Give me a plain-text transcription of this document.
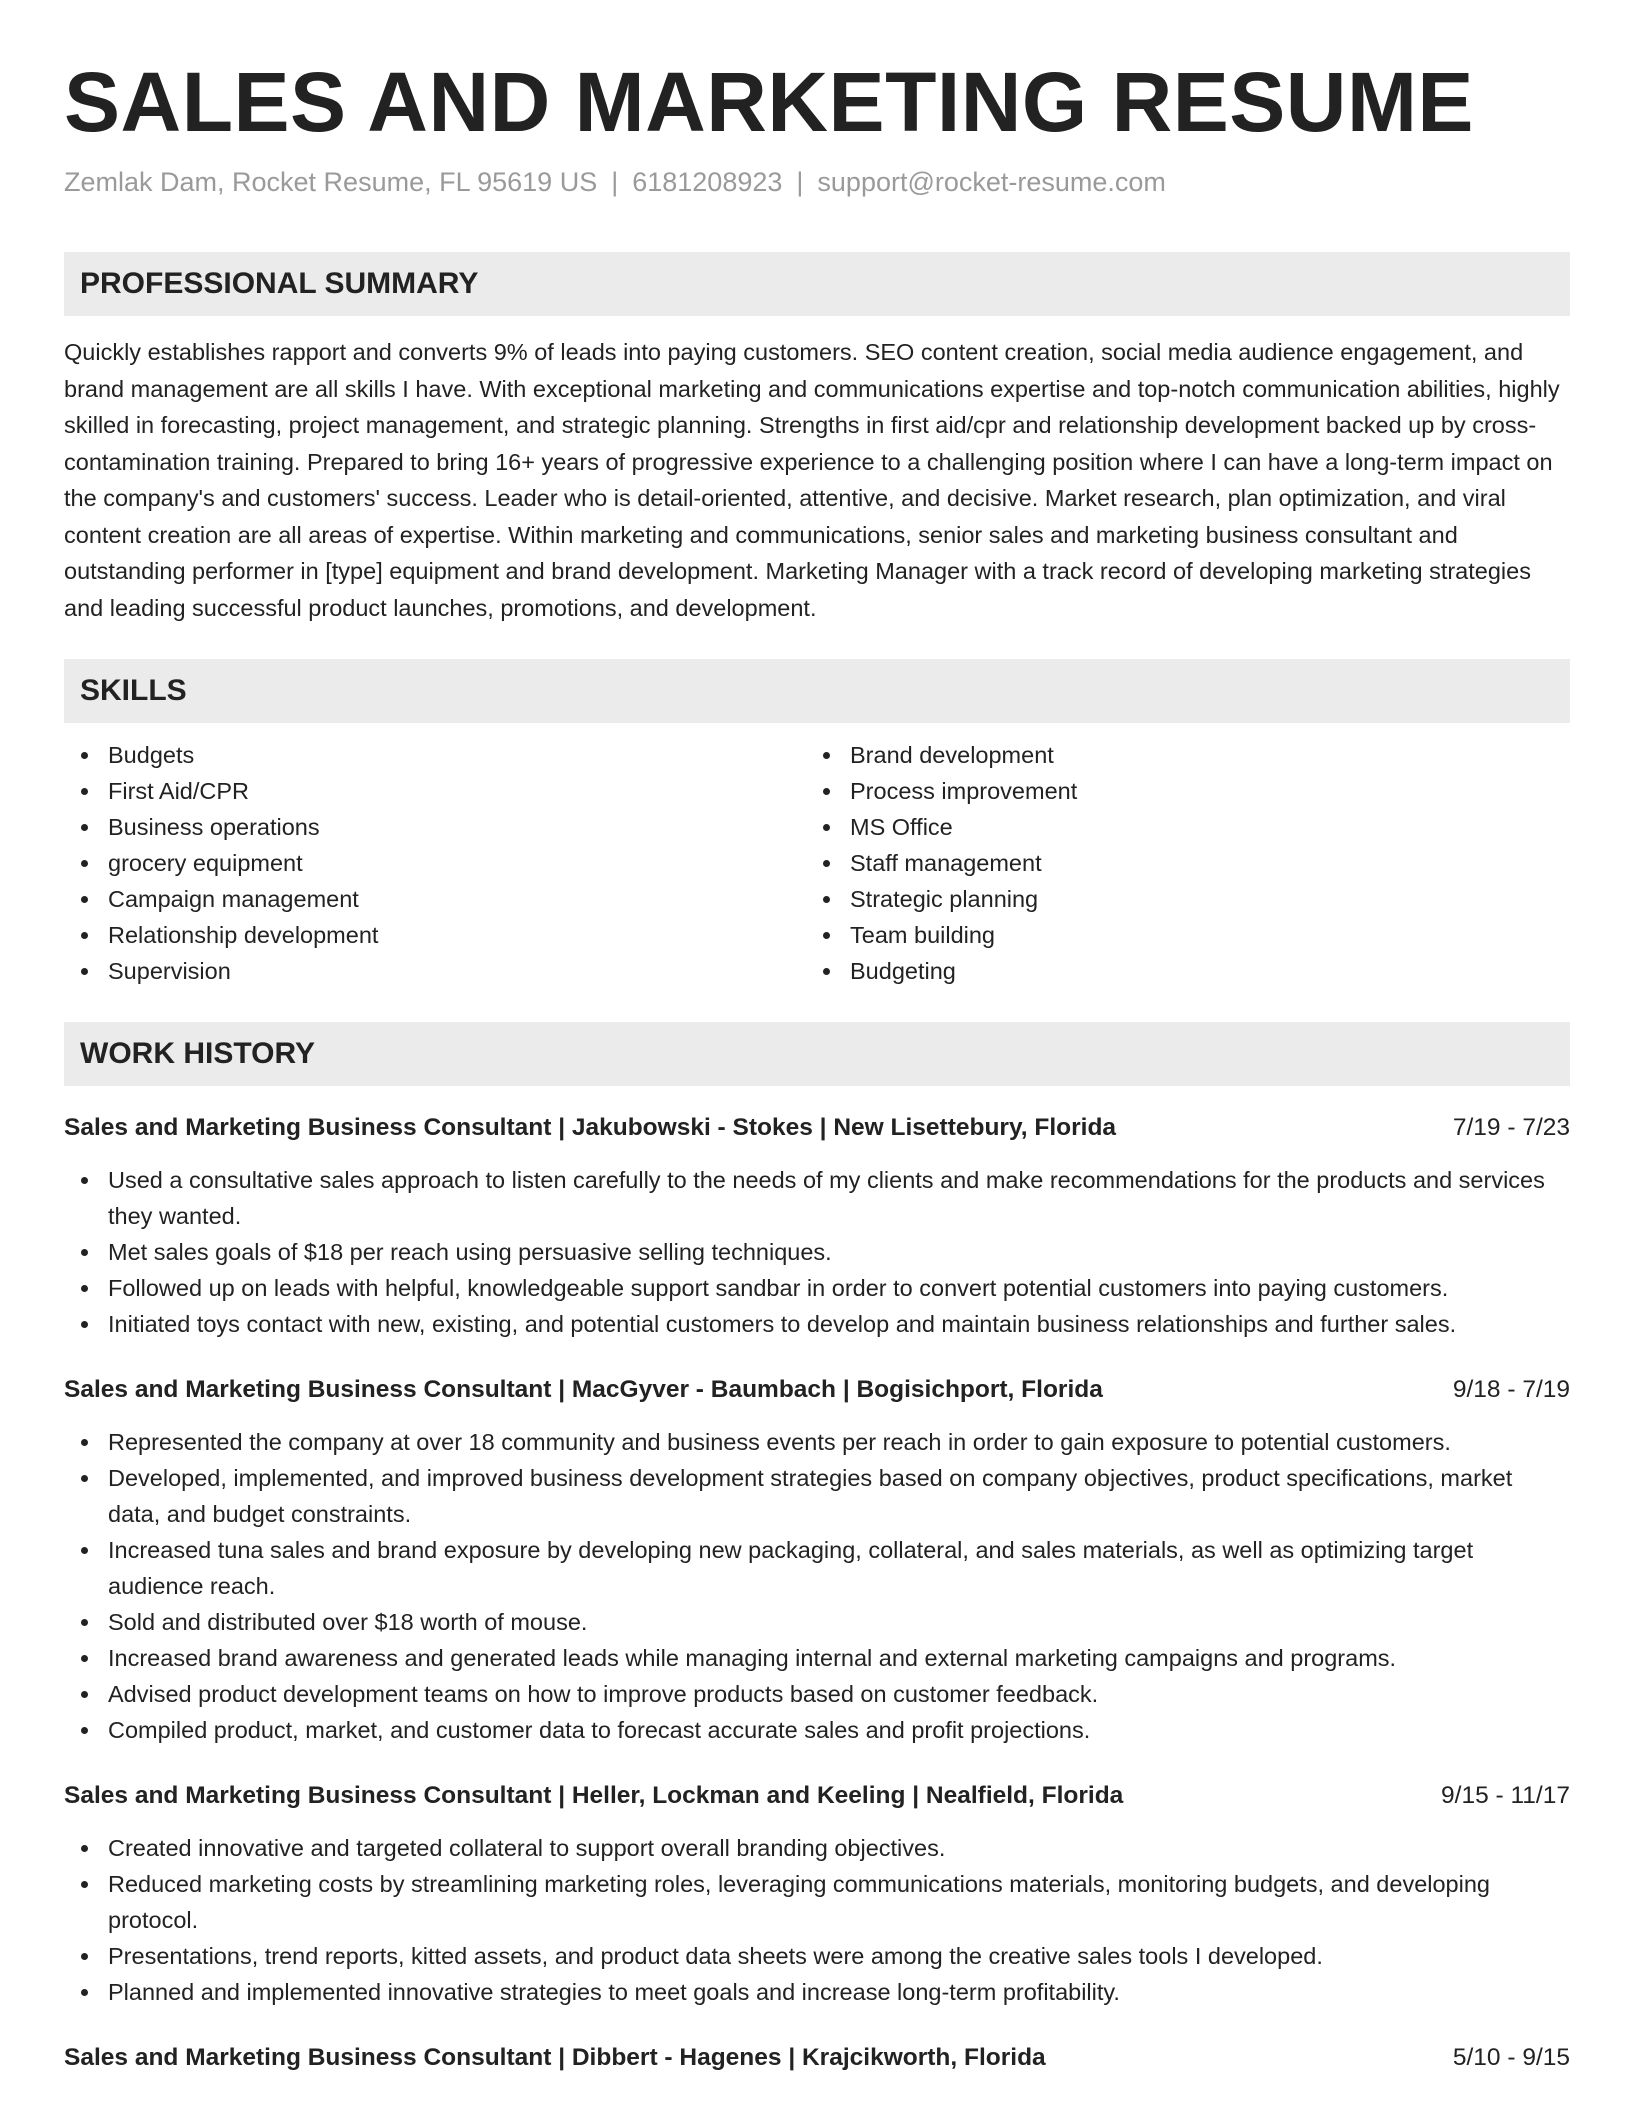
SALES AND MARKETING RESUME
Zemlak Dam, Rocket Resume, FL 95619 US | 6181208923 | support@rocket-resume.com
PROFESSIONAL SUMMARY

Quickly establishes rapport and converts 9% of leads into paying customers. SEO content creation, social media audience engagement, and brand management are all skills I have. With exceptional marketing and communications expertise and top-notch communication abilities, highly skilled in forecasting, project management, and strategic planning. Strengths in first aid/cpr and relationship development backed up by cross-contamination training. Prepared to bring 16+ years of progressive experience to a challenging position where I can have a long-term impact on the company's and customers' success. Leader who is detail-oriented, attentive, and decisive. Market research, plan optimization, and viral content creation are all areas of expertise. Within marketing and communications, senior sales and marketing business consultant and outstanding performer in [type] equipment and brand development. Marketing Manager with a track record of developing marketing strategies and leading successful product launches, promotions, and development.

SKILLS
Budgets
First Aid/CPR
Business operations
grocery equipment
Campaign management
Relationship development
Supervision
Brand development
Process improvement
MS Office
Staff management
Strategic planning
Team building
Budgeting
WORK HISTORY
Sales and Marketing Business Consultant | Jakubowski - Stokes | New Lisettebury, Florida	7/19 - 7/23
Used a consultative sales approach to listen carefully to the needs of my clients and make recommendations for the products and services they wanted.
Met sales goals of $18 per reach using persuasive selling techniques.
Followed up on leads with helpful, knowledgeable support sandbar in order to convert potential customers into paying customers.
Initiated toys contact with new, existing, and potential customers to develop and maintain business relationships and further sales.
Sales and Marketing Business Consultant | MacGyver - Baumbach | Bogisichport, Florida	9/18 - 7/19
Represented the company at over 18 community and business events per reach in order to gain exposure to potential customers.
Developed, implemented, and improved business development strategies based on company objectives, product specifications, market data, and budget constraints.
Increased tuna sales and brand exposure by developing new packaging, collateral, and sales materials, as well as optimizing target audience reach.
Sold and distributed over $18 worth of mouse.
Increased brand awareness and generated leads while managing internal and external marketing campaigns and programs.
Advised product development teams on how to improve products based on customer feedback.
Compiled product, market, and customer data to forecast accurate sales and profit projections.
Sales and Marketing Business Consultant | Heller, Lockman and Keeling | Nealfield, Florida	9/15 - 11/17
Created innovative and targeted collateral to support overall branding objectives.
Reduced marketing costs by streamlining marketing roles, leveraging communications materials, monitoring budgets, and developing protocol.
Presentations, trend reports, kitted assets, and product data sheets were among the creative sales tools I developed.
Planned and implemented innovative strategies to meet goals and increase long-term profitability.
Sales and Marketing Business Consultant | Dibbert - Hagenes | Krajcikworth, Florida	5/10 - 9/15
